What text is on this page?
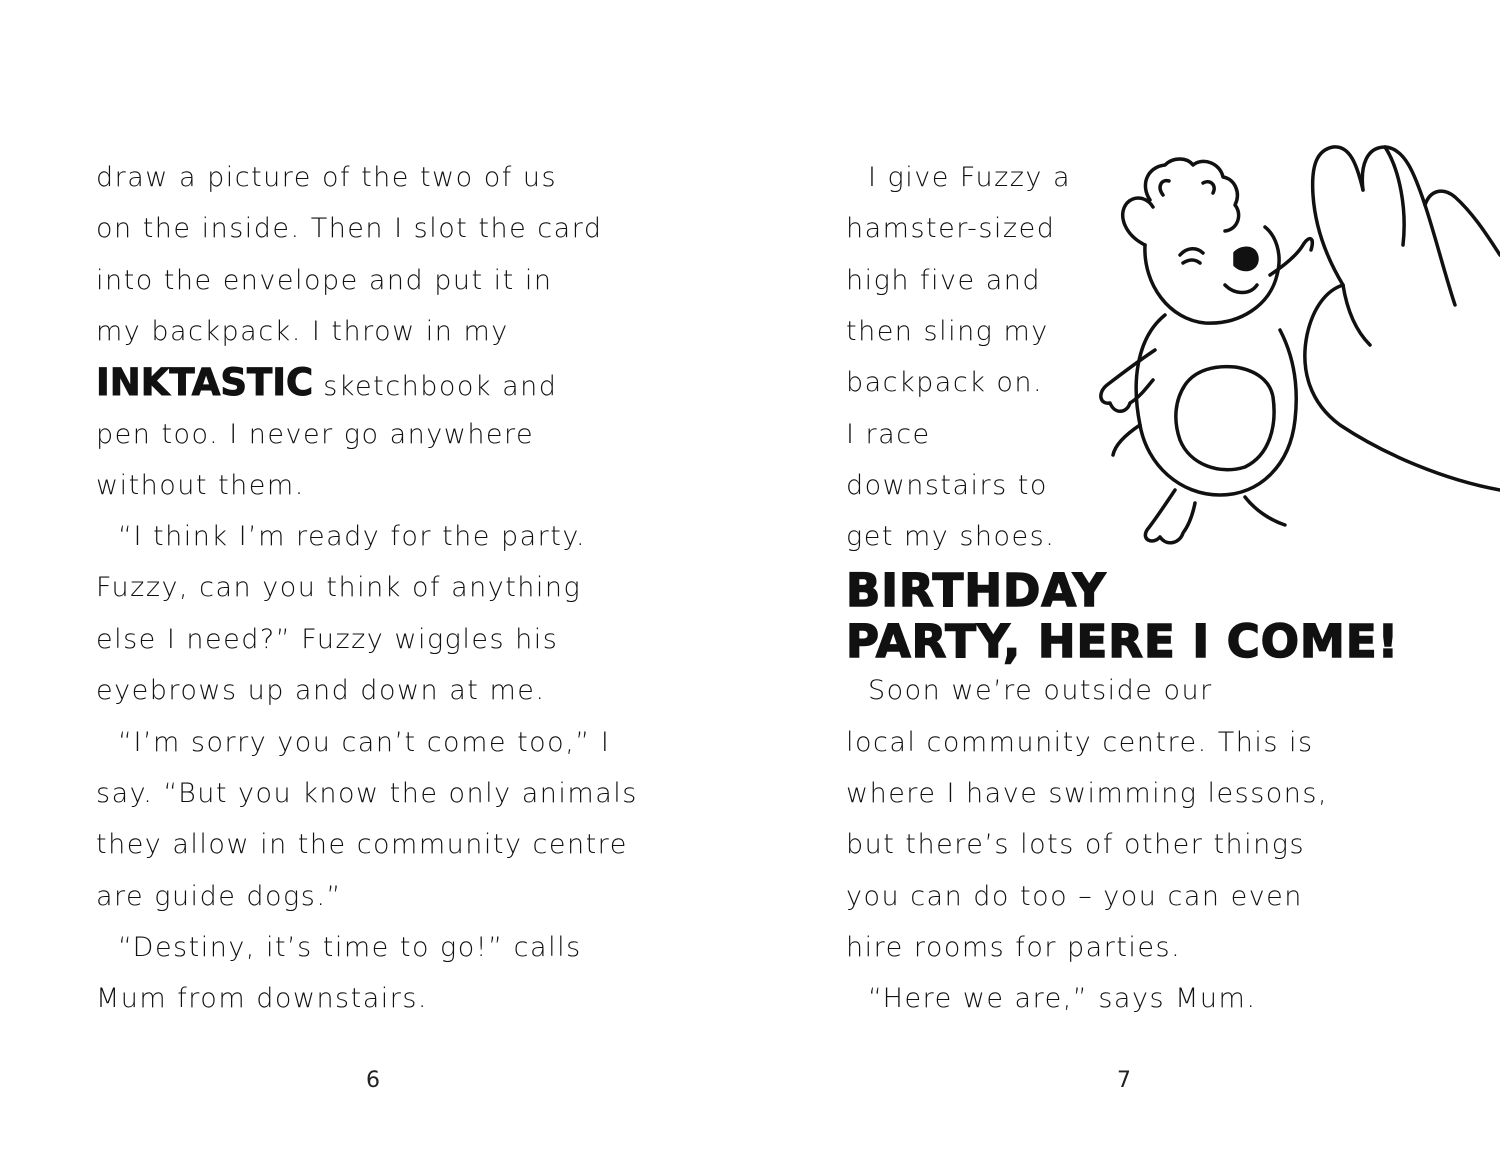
draw a picture of the two of us
on the inside. Then I slot the card
into the envelope and put it in
my backpack. I throw in my
INKTASTIC sketchbook and
pen too. I never go anywhere
without them.
“I think I’m ready for the party.
Fuzzy, can you think of anything
else I need?” Fuzzy wiggles his
eyebrows up and down at me.
“I’m sorry you can’t come too,” I
say. “But you know the only animals
they allow in the community centre
are guide dogs.”
“Destiny, it’s time to go!” calls
Mum from downstairs.
6
I give Fuzzy a
hamster-sized
high five and
then sling my
backpack on.
I race
downstairs to
get my shoes.
BIRTHDAY
PARTY, HERE I COME!
Soon we’re outside our
local community centre. This is
where I have swimming lessons,
but there’s lots of other things
you can do too – you can even
hire rooms for parties.
“Here we are,” says Mum.
7
